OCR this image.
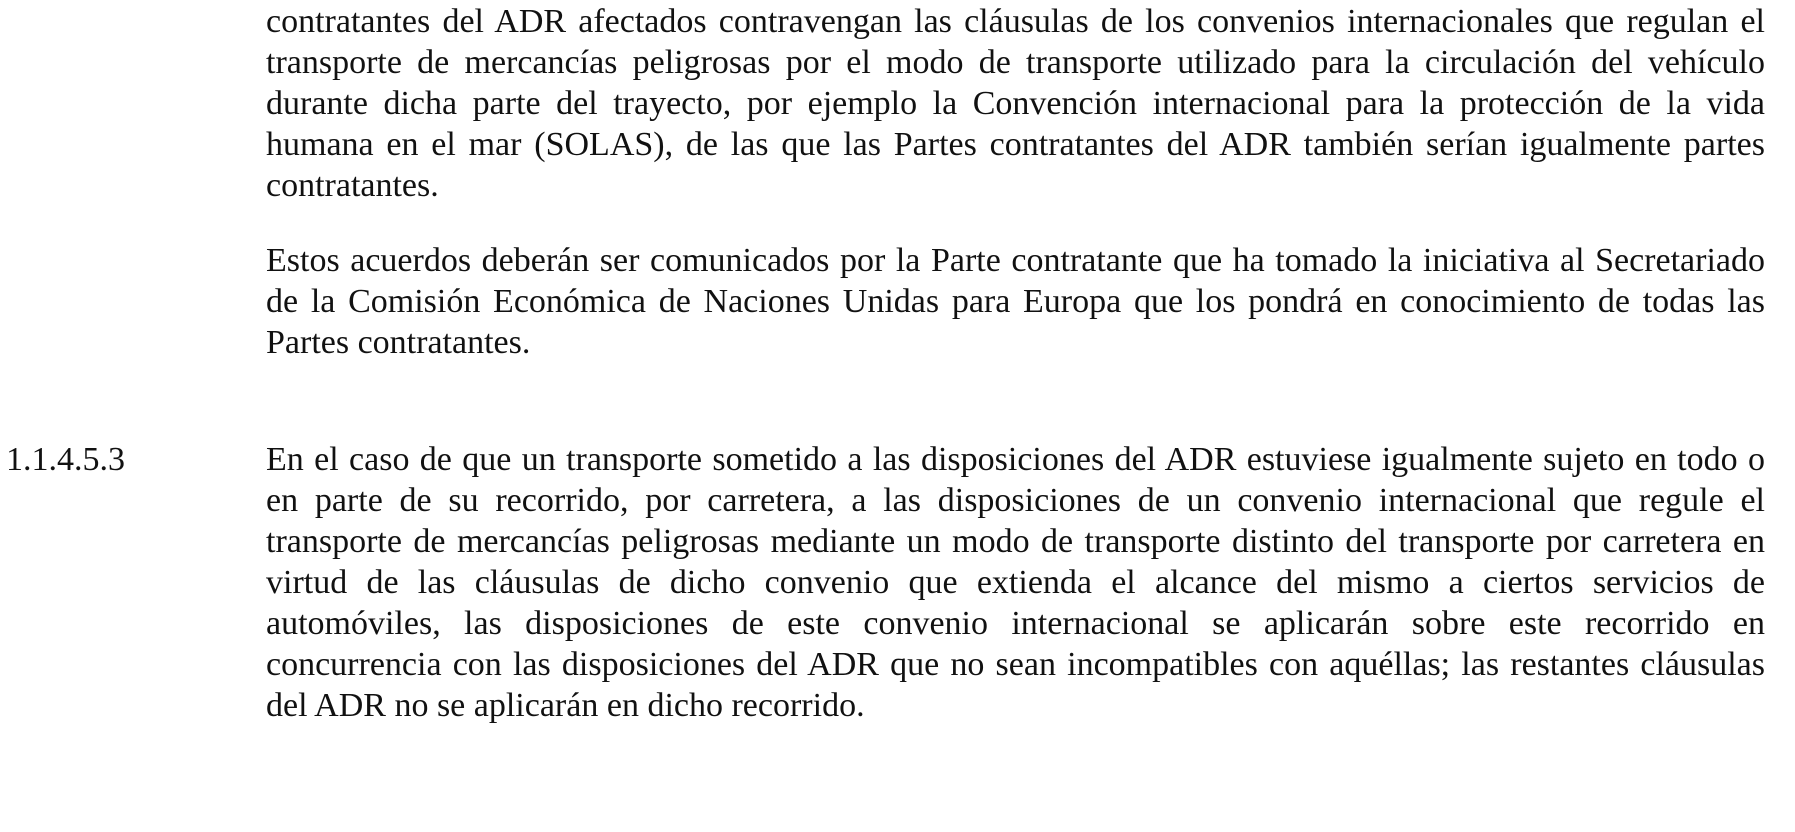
contratantes del ADR afectados contravengan las cláusulas de los convenios internacionales que regulan el transporte de mercancías peligrosas por el modo de transporte utilizado para la circulación del vehículo durante dicha parte del trayecto, por ejemplo la Convención internacional para la protección de la vida humana en el mar (SOLAS), de las que las Partes contratantes del ADR también serían igualmente partes contratantes.

Estos acuerdos deberán ser comunicados por la Parte contratante que ha tomado la iniciativa al Secretariado de la Comisión Económica de Naciones Unidas para Europa que los pondrá en conocimiento de todas las Partes contratantes.

1.1.4.5.3	En el caso de que un transporte sometido a las disposiciones del ADR estuviese igualmente sujeto en todo o en parte de su recorrido, por carretera, a las disposiciones de un convenio internacional que regule el transporte de mercancías peligrosas mediante un modo de transporte distinto del transporte por carretera en virtud de las cláusulas de dicho convenio que extienda el alcance del mismo a ciertos servicios de automóviles, las disposiciones de este convenio internacional se aplicarán sobre este recorrido en concurrencia con las disposiciones del ADR que no sean incompatibles con aquéllas; las restantes cláusulas del ADR no se aplicarán en dicho recorrido.
